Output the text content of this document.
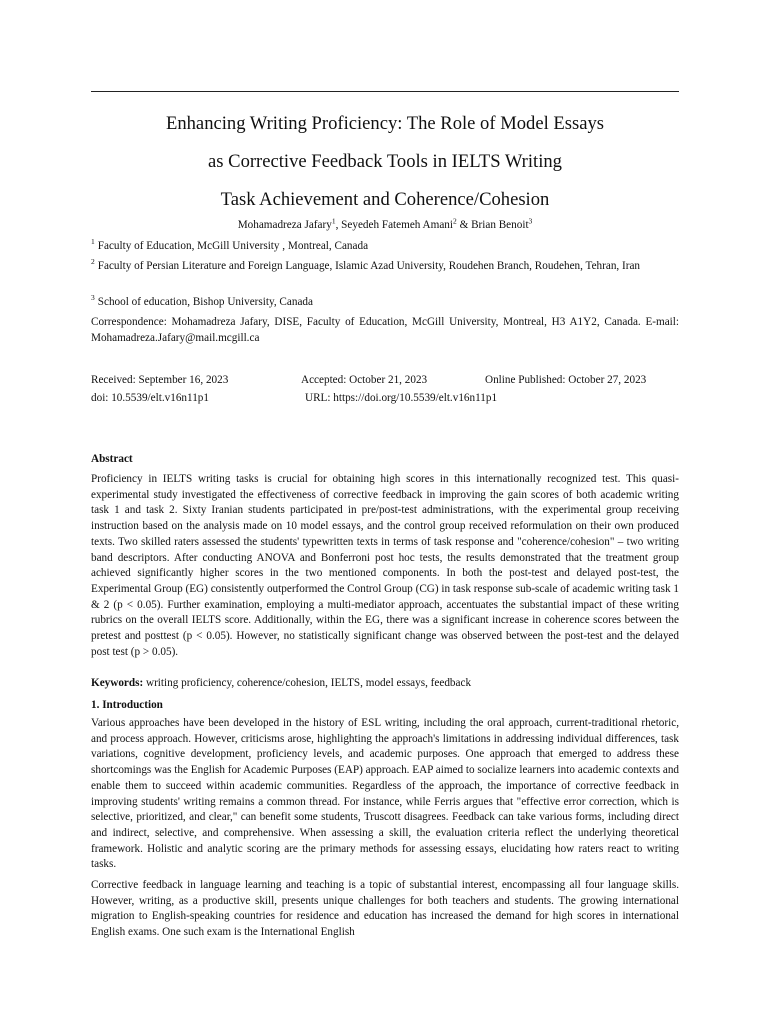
Enhancing Writing Proficiency: The Role of Model Essays
as Corrective Feedback Tools in IELTS Writing
Task Achievement and Coherence/Cohesion
Mohamadreza Jafary$^1$, Seyedeh Fatemeh Amani$^2$ & Brian Benoit$^3$
$^1$ Faculty of Education, McGill University , Montreal, Canada
$^2$ Faculty of Persian Literature and Foreign Language, Islamic Azad University, Roudehen Branch, Roudehen, Tehran, Iran
$^3$ School of education, Bishop University, Canada
Correspondence: Mohamadreza Jafary, DISE, Faculty of Education, McGill University, Montreal, H3 A1Y2, Canada. E-mail: Mohamadreza.Jafary@mail.mcgill.ca
Received: September 16, 2023	Accepted: October 21, 2023	Online Published: October 27, 2023
doi: 10.5539/elt.v16n11p1	URL: https://doi.org/10.5539/elt.v16n11p1
Abstract
Proficiency in IELTS writing tasks is crucial for obtaining high scores in this internationally recognized test. This quasi-experimental study investigated the effectiveness of corrective feedback in improving the gain scores of both academic writing task 1 and task 2. Sixty Iranian students participated in pre/post-test administrations, with the experimental group receiving instruction based on the analysis made on 10 model essays, and the control group received reformulation on their own produced texts. Two skilled raters assessed the students' typewritten texts in terms of task response and "coherence/cohesion" – two writing band descriptors. After conducting ANOVA and Bonferroni post hoc tests, the results demonstrated that the treatment group achieved significantly higher scores in the two mentioned components. In both the post-test and delayed post-test, the Experimental Group (EG) consistently outperformed the Control Group (CG) in task response sub-scale of academic writing task 1 & 2 (p < 0.05). Further examination, employing a multi-mediator approach, accentuates the substantial impact of these writing rubrics on the overall IELTS score. Additionally, within the EG, there was a significant increase in coherence scores between the pretest and posttest (p < 0.05). However, no statistically significant change was observed between the post-test and the delayed post test (p > 0.05).
Keywords: writing proficiency, coherence/cohesion, IELTS, model essays, feedback
1. Introduction

Various approaches have been developed in the history of ESL writing, including the oral approach, current-traditional rhetoric, and process approach. However, criticisms arose, highlighting the approach's limitations in addressing individual differences, task variations, cognitive development, proficiency levels, and academic purposes. One approach that emerged to address these shortcomings was the English for Academic Purposes (EAP) approach. EAP aimed to socialize learners into academic contexts and enable them to succeed within academic communities. Regardless of the approach, the importance of corrective feedback in improving students' writing remains a common thread. For instance, while Ferris argues that "effective error correction, which is selective, prioritized, and clear," can benefit some students, Truscott disagrees. Feedback can take various forms, including direct and indirect, selective, and comprehensive. When assessing a skill, the evaluation criteria reflect the underlying theoretical framework. Holistic and analytic scoring are the primary methods for assessing essays, elucidating how raters react to writing tasks.

Corrective feedback in language learning and teaching is a topic of substantial interest, encompassing all four language skills. However, writing, as a productive skill, presents unique challenges for both teachers and students. The growing international migration to English-speaking countries for residence and education has increased the demand for high scores in international English exams. One such exam is the International English
